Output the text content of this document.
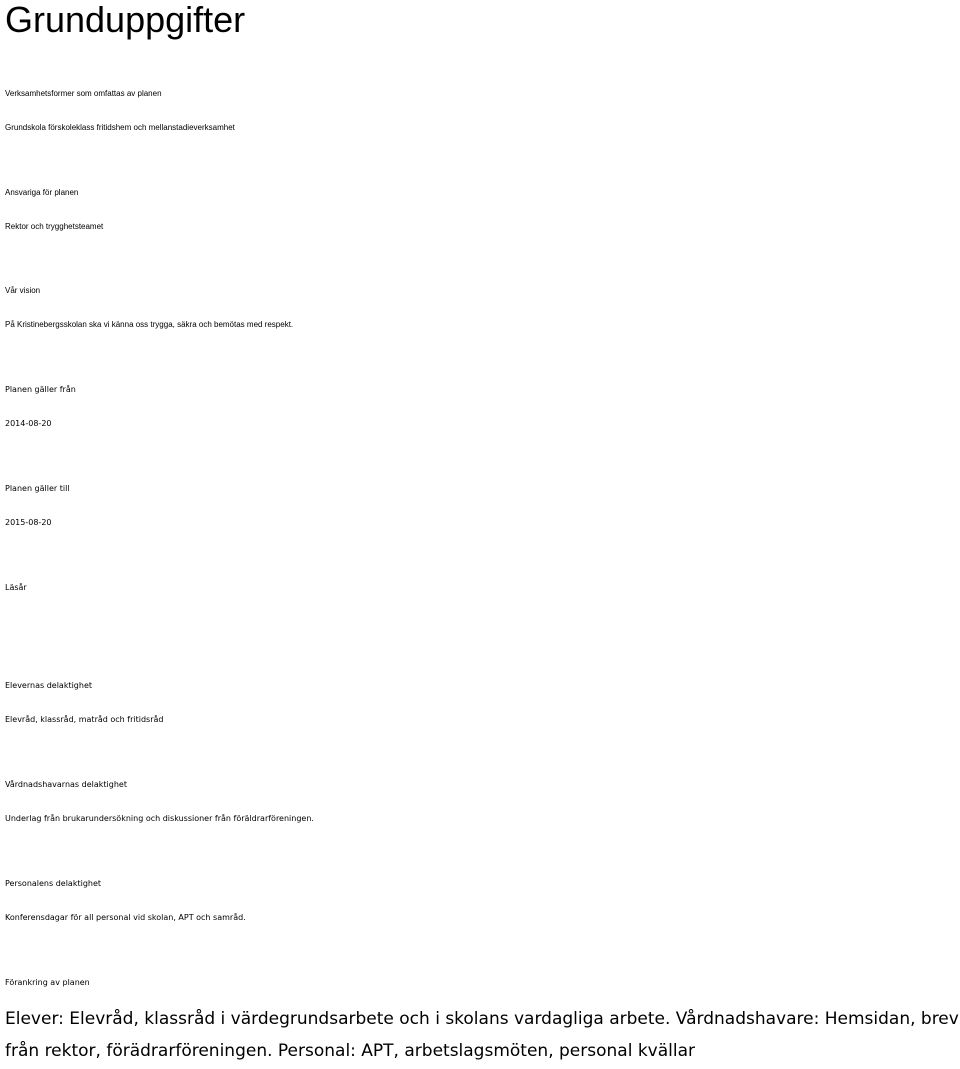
Grunduppgifter
Verksamhetsformer som omfattas av planen

Grundskola förskoleklass fritidshem och mellanstadieverksamhet

Ansvariga för planen

Rektor och trygghetsteamet

Vår vision

På Kristinebergsskolan ska vi känna oss trygga, säkra och bemötas med respekt.

Planen gäller från

2014-08-20

Planen gäller till

2015-08-20

Läsår

Elevernas delaktighet

Elevråd, klassråd, matråd och fritidsråd

Vårdnadshavarnas delaktighet

Underlag från brukarundersökning och diskussioner från föräldrarföreningen.

Personalens delaktighet

Konferensdagar för all personal vid skolan, APT och samråd.

Förankring av planen

Elever: Elevråd, klassråd i värdegrundsarbete och i skolans vardagliga arbete. Vårdnadshavare: Hemsidan, brev från rektor, förädrarföreningen. Personal: APT, arbetslagsmöten, personal kvällar
